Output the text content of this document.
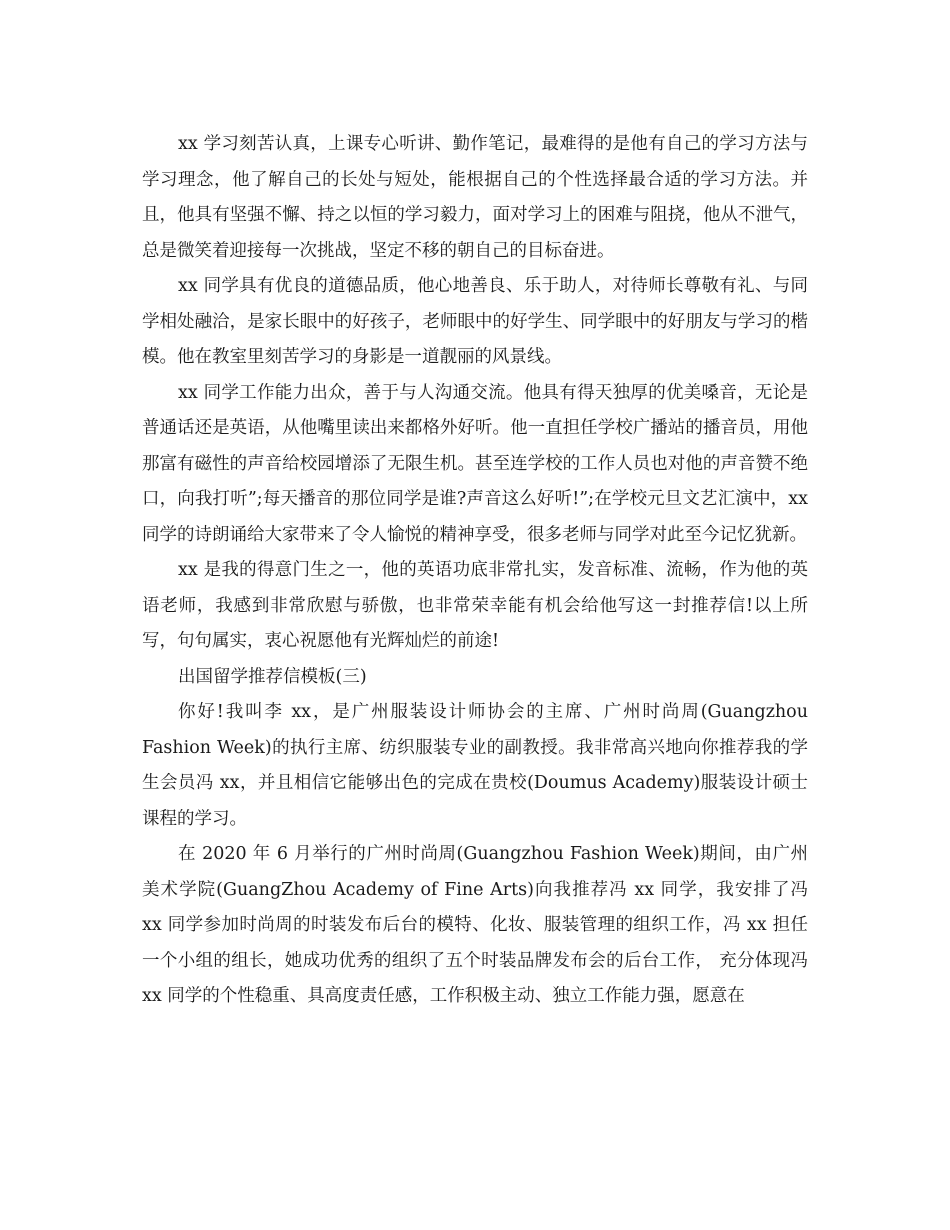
xx 学习刻苦认真，上课专心听讲、勤作笔记，最难得的是他有自己的学习方法与学习理念，他了解自己的长处与短处，能根据自己的个性选择最合适的学习方法。并且，他具有坚强不懈、持之以恒的学习毅力，面对学习上的困难与阻挠，他从不泄气，总是微笑着迎接每一次挑战，坚定不移的朝自己的目标奋进。

xx 同学具有优良的道德品质，他心地善良、乐于助人，对待师长尊敬有礼、与同学相处融洽，是家长眼中的好孩子，老师眼中的好学生、同学眼中的好朋友与学习的楷模。他在教室里刻苦学习的身影是一道靓丽的风景线。

xx 同学工作能力出众，善于与人沟通交流。他具有得天独厚的优美嗓音，无论是普通话还是英语，从他嘴里读出来都格外好听。他一直担任学校广播站的播音员，用他那富有磁性的声音给校园增添了无限生机。甚至连学校的工作人员也对他的声音赞不绝口，向我打听”;每天播音的那位同学是谁?声音这么好听!”;在学校元旦文艺汇演中，xx 同学的诗朗诵给大家带来了令人愉悦的精神享受，很多老师与同学对此至今记忆犹新。

xx 是我的得意门生之一，他的英语功底非常扎实，发音标准、流畅，作为他的英语老师，我感到非常欣慰与骄傲，也非常荣幸能有机会给他写这一封推荐信!以上所写，句句属实，衷心祝愿他有光辉灿烂的前途!

出国留学推荐信模板(三)

你好!我叫李 xx，是广州服装设计师协会的主席、广州时尚周(Guangzhou Fashion Week)的执行主席、纺织服装专业的副教授。我非常高兴地向你推荐我的学生会员冯 xx，并且相信它能够出色的完成在贵校(Doumus Academy)服装设计硕士课程的学习。

在 2020 年 6 月举行的广州时尚周(Guangzhou Fashion Week)期间，由广州美术学院(GuangZhou Academy of Fine Arts)向我推荐冯 xx 同学，我安排了冯 xx 同学参加时尚周的时装发布后台的模特、化妆、服装管理的组织工作，冯 xx 担任一个小组的组长，她成功优秀的组织了五个时装品牌发布会的后台工作， 充分体现冯 xx 同学的个性稳重、具高度责任感，工作积极主动、独立工作能力强，愿意在
